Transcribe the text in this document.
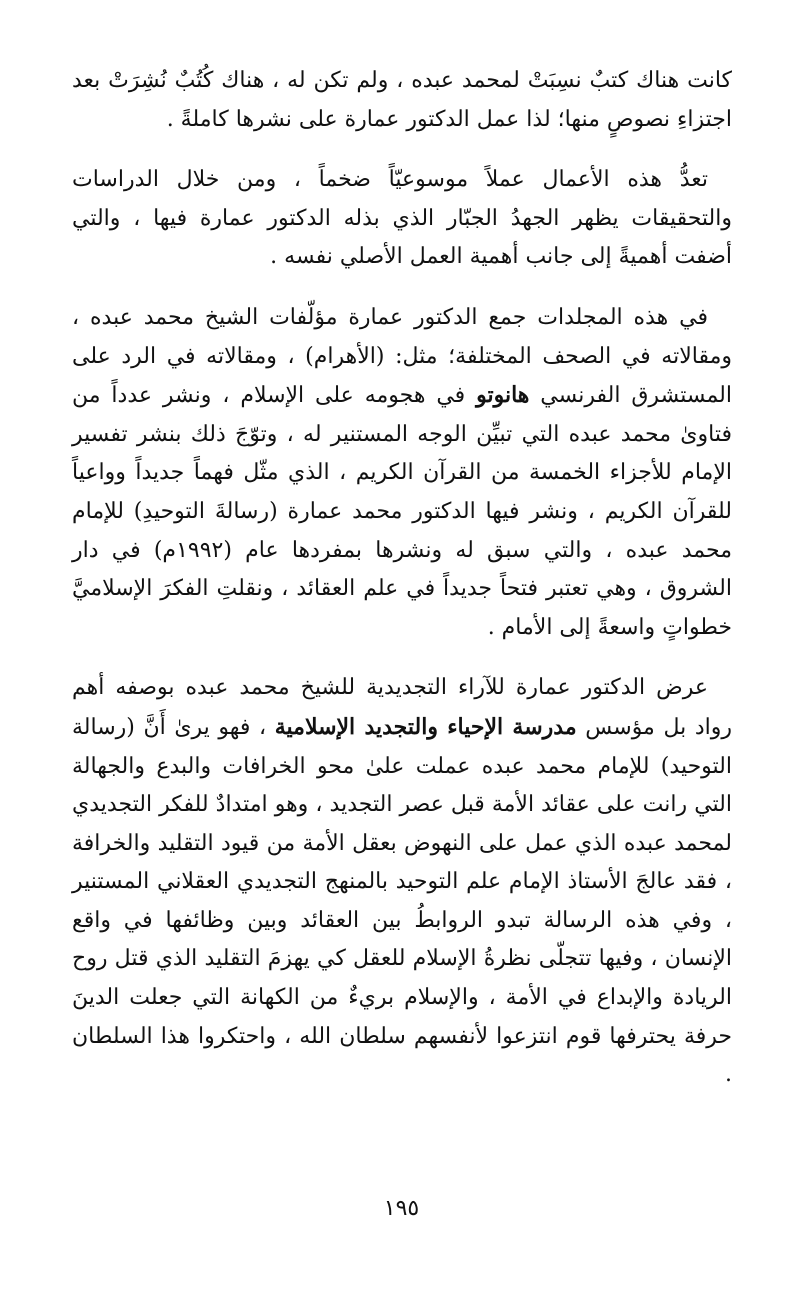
كانت هناك كتبٌ نسِبَتْ لمحمد عبده ، ولم تكن له ، هناك كُتُبٌ نُشِرَتْ بعد اجتزاءِ نصوصٍ منها؛ لذا عمل الدكتور عمارة على نشرها كاملةً .

تعدُّ هذه الأعمال عملاً موسوعيّاً ضخماً ، ومن خلال الدراسات والتحقيقات يظهر الجهدُ الجبّار الذي بذله الدكتور عمارة فيها ، والتي أضفت أهميةً إلى جانب أهمية العمل الأصلي نفسه .

في هذه المجلدات جمع الدكتور عمارة مؤلّفات الشيخ محمد عبده ، ومقالاته في الصحف المختلفة؛ مثل: (الأهرام) ، ومقالاته في الرد على المستشرق الفرنسي هانوتو في هجومه على الإسلام ، ونشر عدداً من فتاوىٰ محمد عبده التي تبيِّن الوجه المستنير له ، وتوّجَ ذلك بنشر تفسير الإمام للأجزاء الخمسة من القرآن الكريم ، الذي مثّل فهماً جديداً وواعياً للقرآن الكريم ، ونشر فيها الدكتور محمد عمارة (رسالةَ التوحيدِ) للإمام محمد عبده ، والتي سبق له ونشرها بمفردها عام (١٩٩٢م) في دار الشروق ، وهي تعتبر فتحاً جديداً في علم العقائد ، ونقلتِ الفكرَ الإسلاميَّ خطواتٍ واسعةً إلى الأمام .

عرض الدكتور عمارة للآراء التجديدية للشيخ محمد عبده بوصفه أهم رواد بل مؤسس مدرسة الإحياء والتجديد الإسلامية ، فهو يرىٰ أَنَّ (رسالة التوحيد) للإمام محمد عبده عملت علىٰ محو الخرافات والبدع والجهالة التي رانت على عقائد الأمة قبل عصر التجديد ، وهو امتدادٌ للفكر التجديدي لمحمد عبده الذي عمل على النهوض بعقل الأمة من قيود التقليد والخرافة ، فقد عالجَ الأستاذ الإمام علم التوحيد بالمنهج التجديدي العقلاني المستنير ، وفي هذه الرسالة تبدو الروابطُ بين العقائد وبين وظائفها في واقع الإنسان ، وفيها تتجلّى نظرةُ الإسلام للعقل كي يهزمَ التقليد الذي قتل روح الريادة والإبداع في الأمة ، والإسلام بريءٌ من الكهانة التي جعلت الدينَ حرفة يحترفها قوم انتزعوا لأنفسهم سلطان الله ، واحتكروا هذا السلطان .

١٩٥
